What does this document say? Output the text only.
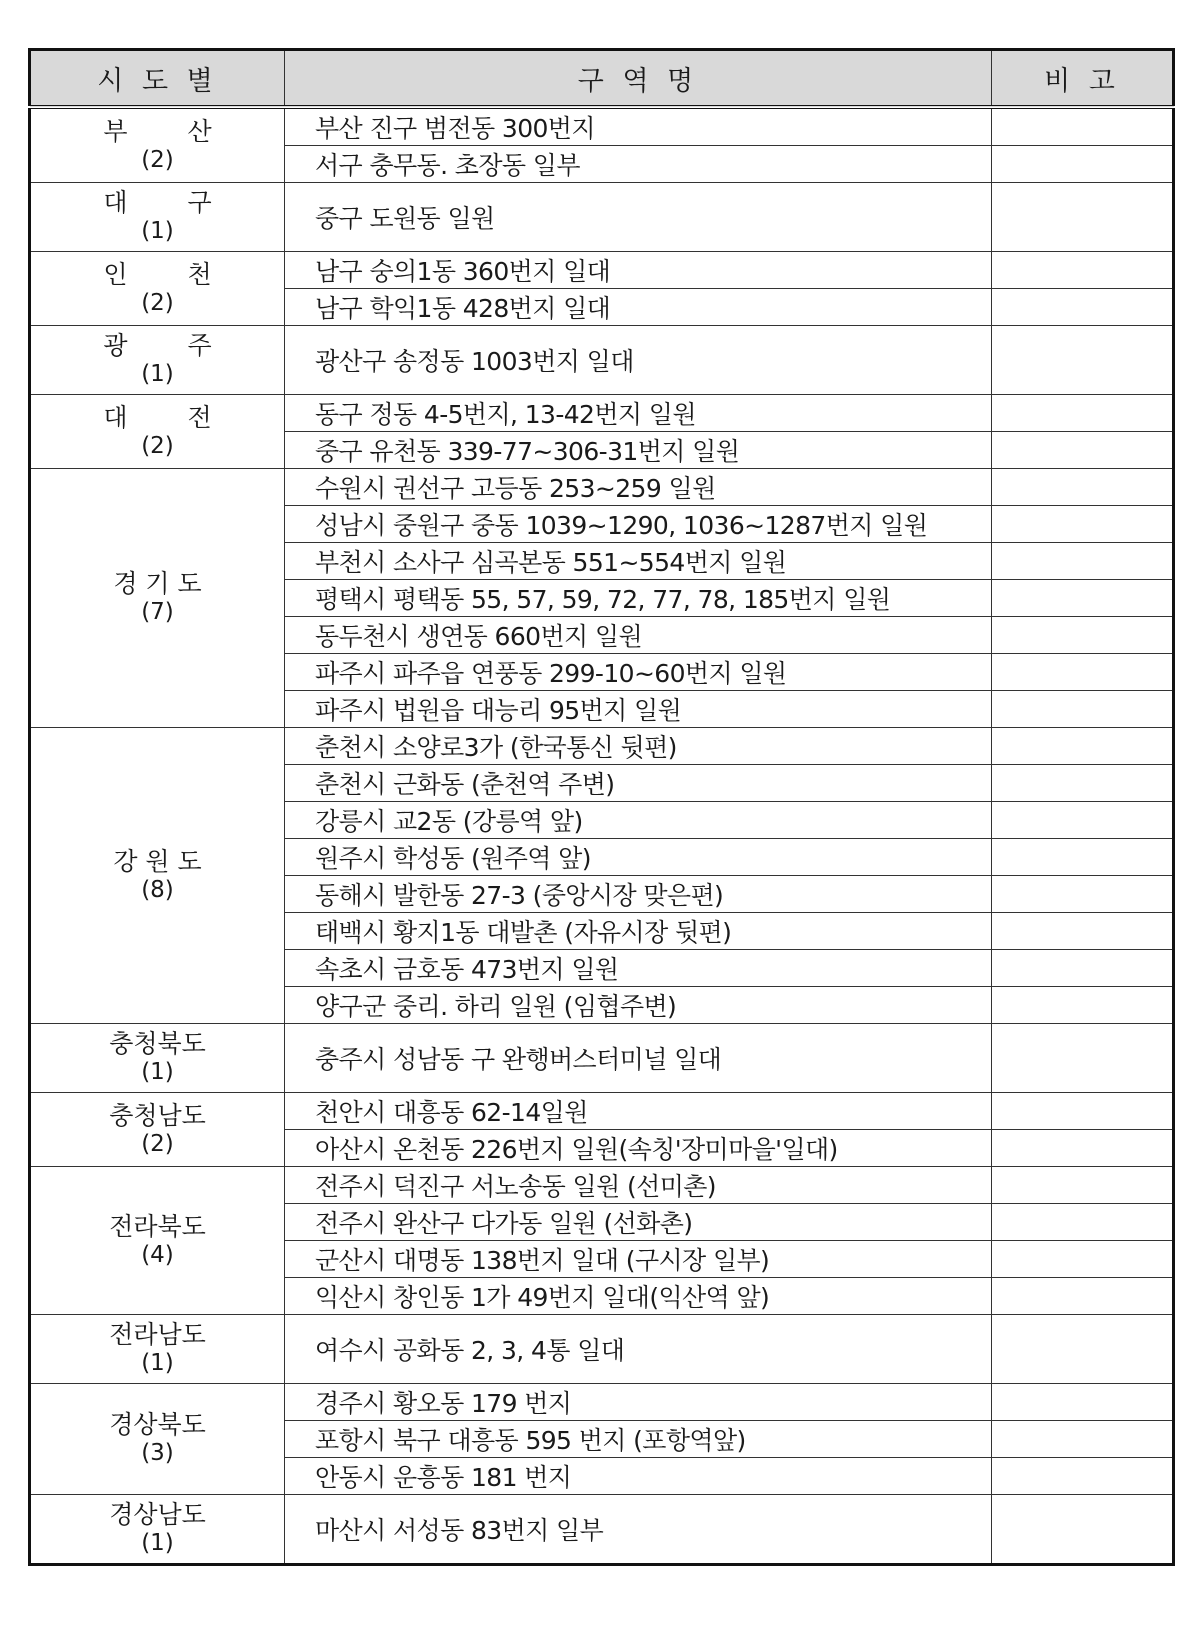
시 도 별	구 역 명	비 고

부 산
(2)	부산 진구 범전동 300번지	
	서구 충무동. 초장동 일부	

대 구
(1)	중구 도원동 일원	

인 천
(2)	남구 숭의1동 360번지 일대	
	남구 학익1동 428번지 일대	

광 주
(1)	광산구 송정동 1003번지 일대	

대 전
(2)	동구 정동 4-5번지, 13-42번지 일원	
	중구 유천동 339-77~306-31번지 일원	

경 기 도
(7)	수원시 권선구 고등동 253~259 일원	
	성남시 중원구 중동 1039~1290, 1036~1287번지 일원	
	부천시 소사구 심곡본동 551~554번지 일원	
	평택시 평택동 55, 57, 59, 72, 77, 78, 185번지 일원	
	동두천시 생연동 660번지 일원	
	파주시 파주읍 연풍동 299-10~60번지 일원	
	파주시 법원읍 대능리 95번지 일원	

강 원 도
(8)	춘천시 소양로3가 (한국통신 뒷편)	
	춘천시 근화동 (춘천역 주변)	
	강릉시 교2동 (강릉역 앞)	
	원주시 학성동 (원주역 앞)	
	동해시 발한동 27-3 (중앙시장 맞은편)	
	태백시 황지1동 대발촌 (자유시장 뒷편)	
	속초시 금호동 473번지 일원	
	양구군 중리. 하리 일원 (임협주변)	

충청북도
(1)	충주시 성남동 구 완행버스터미널 일대	

충청남도
(2)	천안시 대흥동 62-14일원	
	아산시 온천동 226번지 일원(속칭'장미마을'일대)	

전라북도
(4)	전주시 덕진구 서노송동 일원 (선미촌)	
	전주시 완산구 다가동 일원 (선화촌)	
	군산시 대명동 138번지 일대 (구시장 일부)	
	익산시 창인동 1가 49번지 일대(익산역 앞)	

전라남도
(1)	여수시 공화동 2, 3, 4통 일대	

경상북도
(3)	경주시 황오동 179 번지	
	포항시 북구 대흥동 595 번지 (포항역앞)	
	안동시 운흥동 181 번지	

경상남도
(1)	마산시 서성동 83번지 일부	
